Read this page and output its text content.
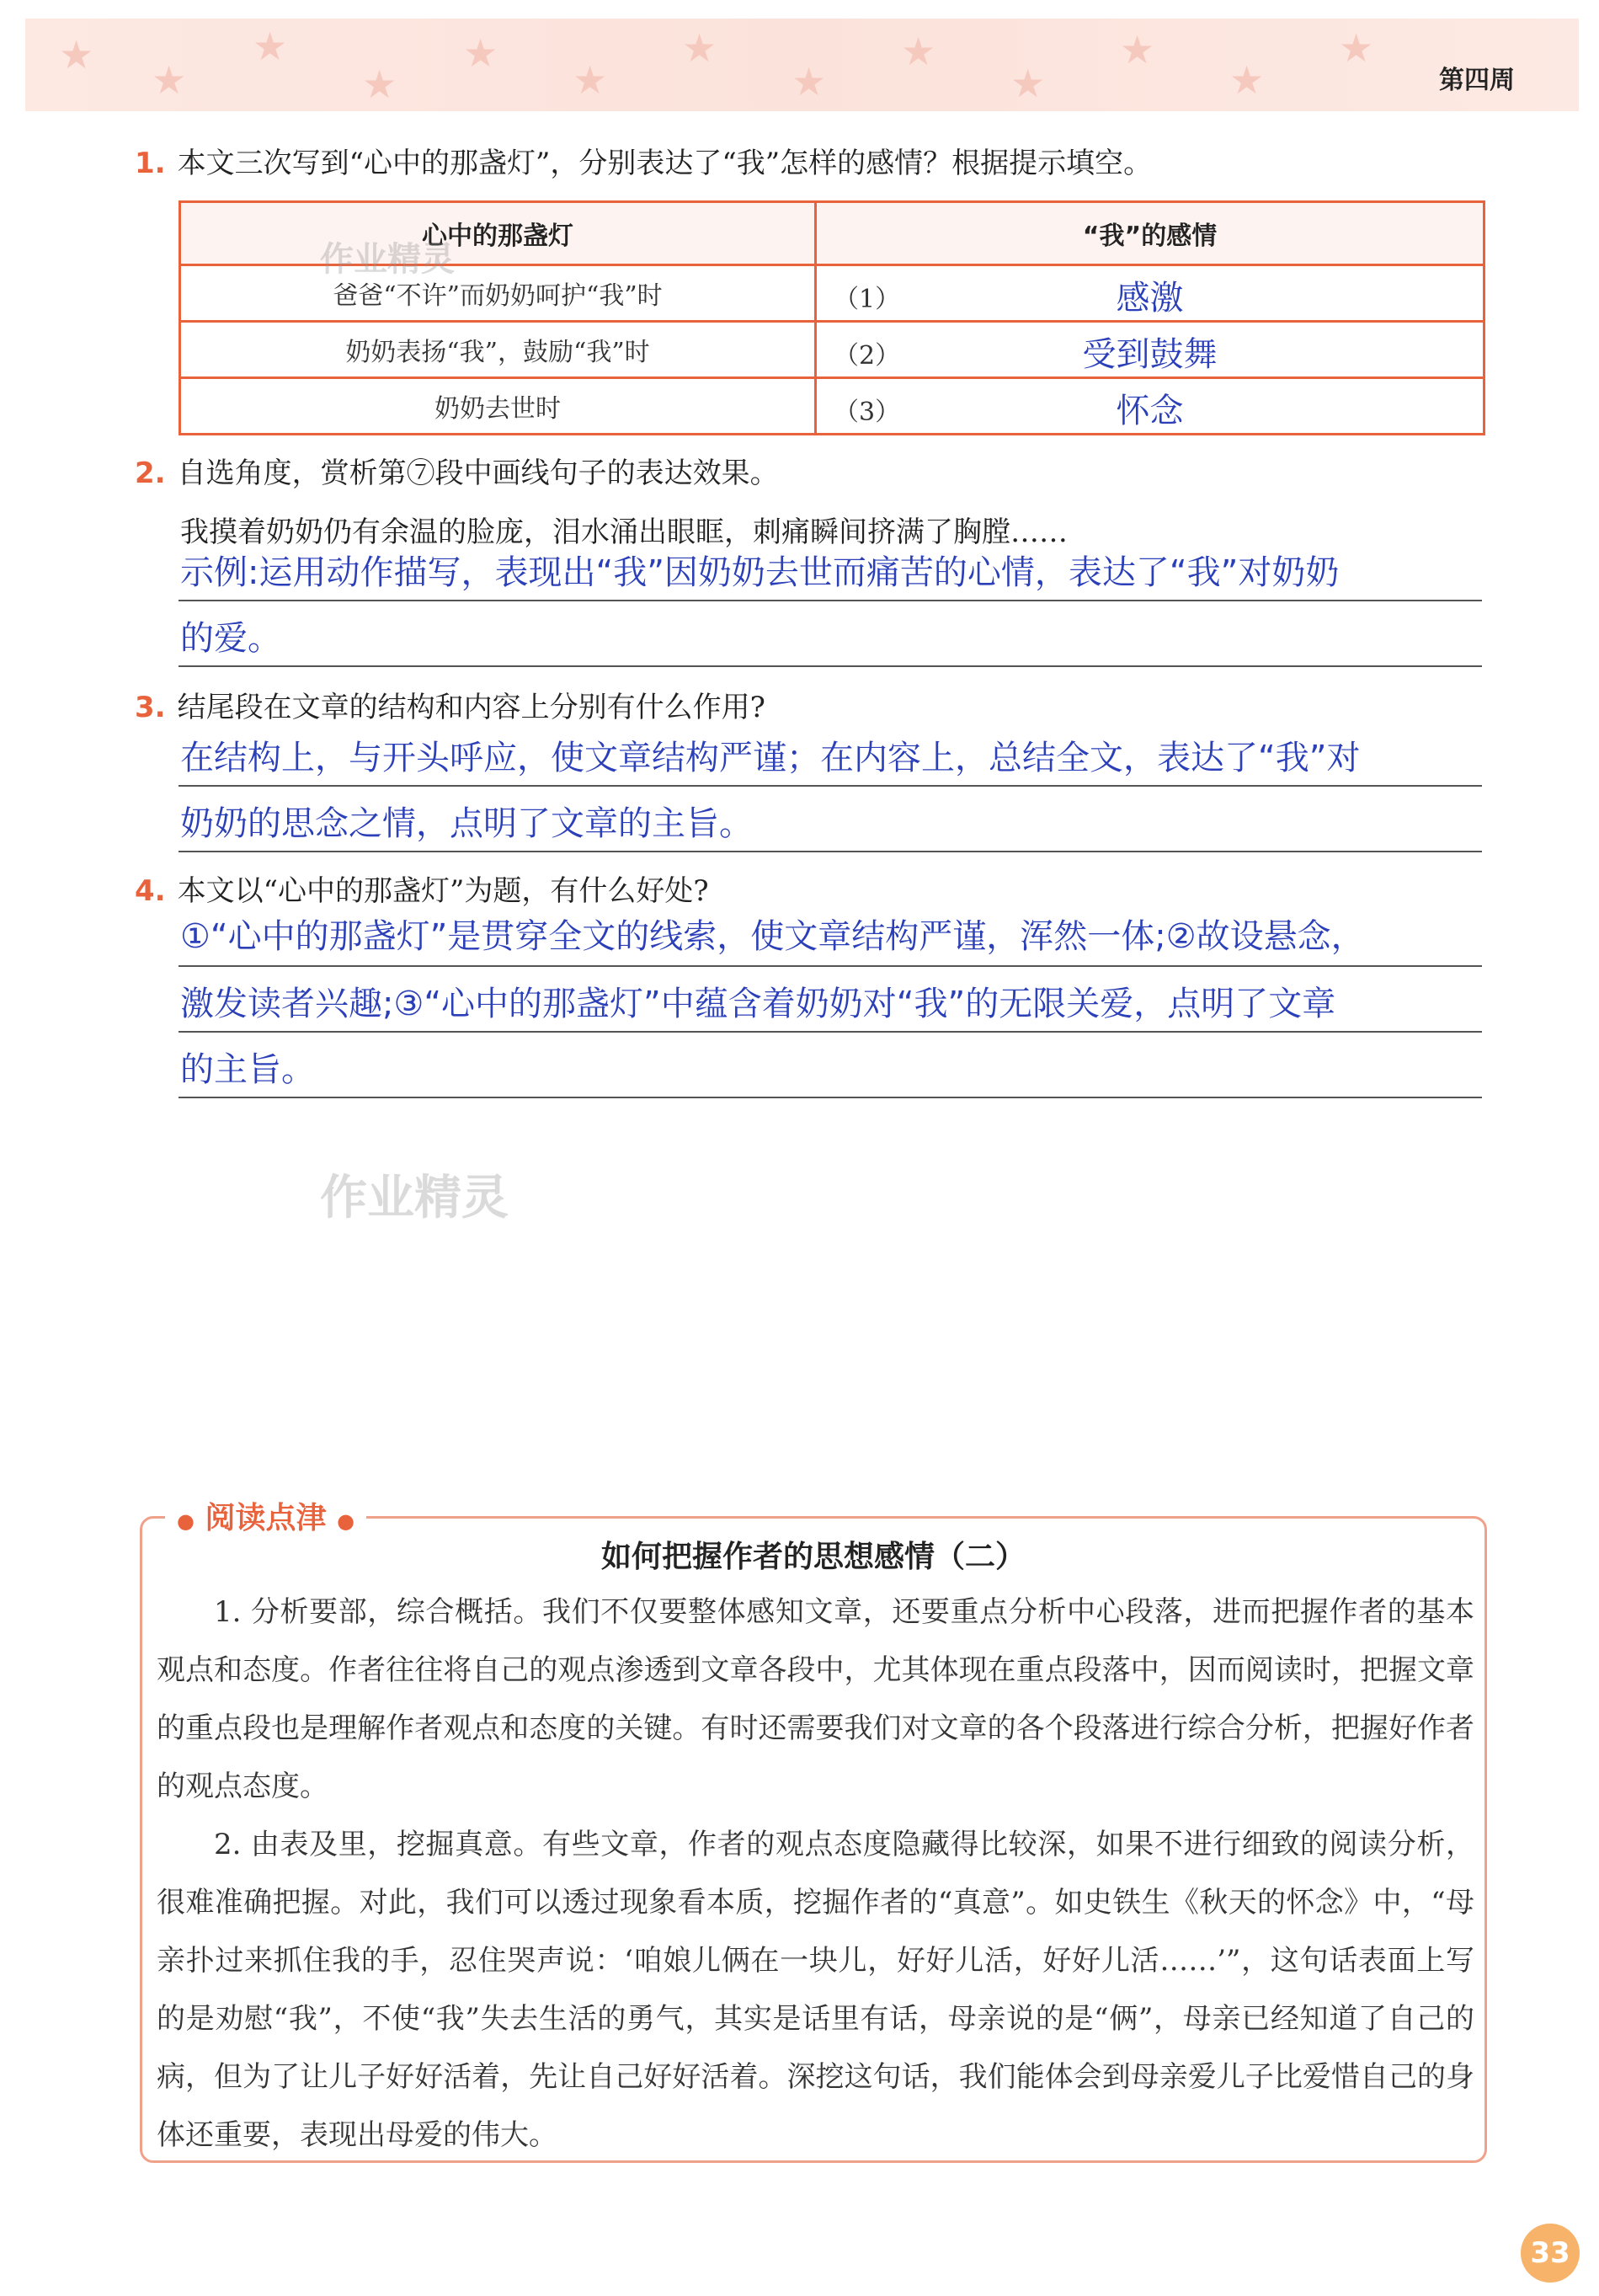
★
★
★
★
★
★
★
★
★
★
★
★
★
第四周
1. 本文三次写到“心中的那盏灯”，分别表达了“我”怎样的感情？根据提示填空。
心中的那盏灯	“我”的感情
爸爸“不许”而奶奶呵护“我”时	（1） 感激

奶奶表扬“我”，鼓励“我”时	（2） 受到鼓舞

奶奶去世时	（3） 怀念
2. 自选角度，赏析第⑦段中画线句子的表达效果。
我摸着奶奶仍有余温的脸庞，泪水涌出眼眶，刺痛瞬间挤满了胸膛……
示例:运用动作描写，表现出“我”因奶奶去世而痛苦的心情，表达了“我”对奶奶
的爱。
3. 结尾段在文章的结构和内容上分别有什么作用?
在结构上，与开头呼应，使文章结构严谨；在内容上，总结全文，表达了“我”对
奶奶的思念之情，点明了文章的主旨。
4. 本文以“心中的那盏灯”为题，有什么好处?
①“心中的那盏灯”是贯穿全文的线索，使文章结构严谨，浑然一体;②故设悬念，
激发读者兴趣;③“心中的那盏灯”中蕴含着奶奶对“我”的无限关爱，点明了文章
的主旨。
作业精灵
作业精灵
● 阅读点津 ●
如何把握作者的思想感情（二）

1. 分析要部，综合概括。我们不仅要整体感知文章，还要重点分析中心段落，进而把握作者的基本观点和态度。作者往往将自己的观点渗透到文章各段中，尤其体现在重点段落中，因而阅读时，把握文章的重点段也是理解作者观点和态度的关键。有时还需要我们对文章的各个段落进行综合分析，把握好作者的观点态度。

2. 由表及里，挖掘真意。有些文章，作者的观点态度隐藏得比较深，如果不进行细致的阅读分析，很难准确把握。对此，我们可以透过现象看本质，挖掘作者的“真意”。如史铁生《秋天的怀念》中，“母亲扑过来抓住我的手，忍住哭声说：‘咱娘儿俩在一块儿，好好儿活，好好儿活……’”，这句话表面上写的是劝慰“我”，不使“我”失去生活的勇气，其实是话里有话，母亲说的是“俩”，母亲已经知道了自己的病，但为了让儿子好好活着，先让自己好好活着。深挖这句话，我们能体会到母亲爱儿子比爱惜自己的身体还重要，表现出母爱的伟大。

33
